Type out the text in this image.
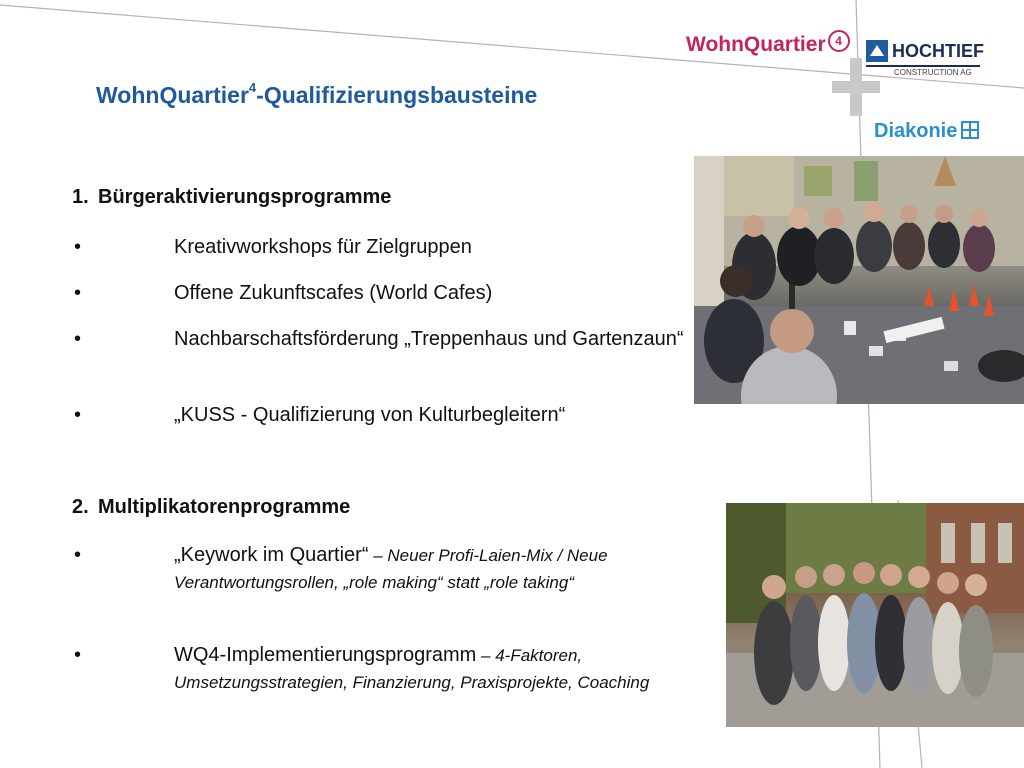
WohnQuartier$^4$-Qualifizierungsbausteine
WohnQuartier 4	HOCHTIEF
CONSTRUCTION AG
Diakonie
1. Bürgeraktivierungsprogramme
•	Kreativworkshops für Zielgruppen
•	Offene Zukunftscafes (World Cafes)
•	Nachbarschaftsförderung „Treppenhaus und Gartenzaun“
•	„KUSS - Qualifizierung von Kulturbegleitern“
2. Multiplikatorenprogramme
•	„Keywork im Quartier“ – Neuer Profi-Laien-Mix / Neue Verantwortungsrollen, „role making“ statt „role taking“
•	WQ4-Implementierungsprogramm – 4-Faktoren, Umsetzungsstrategien, Finanzierung, Praxisprojekte, Coaching
